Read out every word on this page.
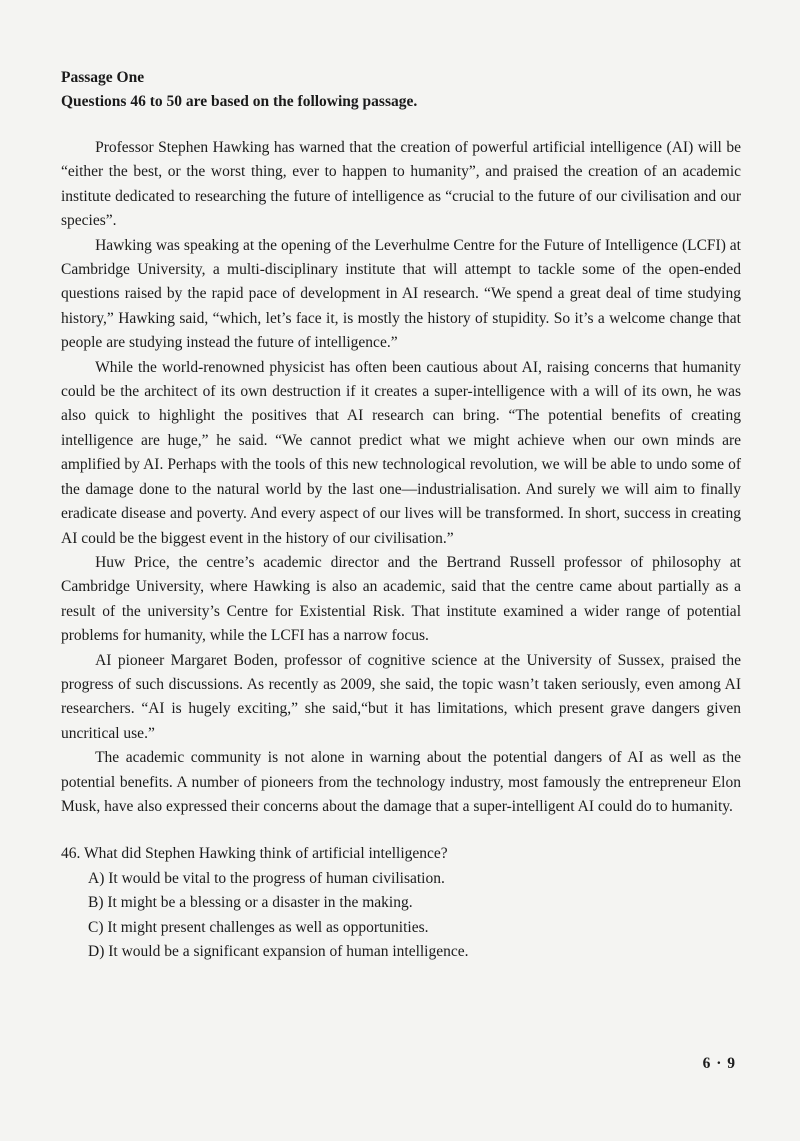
Passage One

Questions 46 to 50 are based on the following passage.

Professor Stephen Hawking has warned that the creation of powerful artificial intelligence (AI) will be “either the best, or the worst thing, ever to happen to humanity”, and praised the creation of an academic institute dedicated to researching the future of intelligence as “crucial to the future of our civilisation and our species”.

Hawking was speaking at the opening of the Leverhulme Centre for the Future of Intelligence (LCFI) at Cambridge University, a multi-disciplinary institute that will attempt to tackle some of the open-ended questions raised by the rapid pace of development in AI research. “We spend a great deal of time studying history,” Hawking said, “which, let’s face it, is mostly the history of stupidity. So it’s a welcome change that people are studying instead the future of intelligence.”

While the world-renowned physicist has often been cautious about AI, raising concerns that humanity could be the architect of its own destruction if it creates a super-intelligence with a will of its own, he was also quick to highlight the positives that AI research can bring. “The potential benefits of creating intelligence are huge,” he said. “We cannot predict what we might achieve when our own minds are amplified by AI. Perhaps with the tools of this new technological revolution, we will be able to undo some of the damage done to the natural world by the last one—industrialisation. And surely we will aim to finally eradicate disease and poverty. And every aspect of our lives will be transformed. In short, success in creating AI could be the biggest event in the history of our civilisation.”

Huw Price, the centre’s academic director and the Bertrand Russell professor of philosophy at Cambridge University, where Hawking is also an academic, said that the centre came about partially as a result of the university’s Centre for Existential Risk. That institute examined a wider range of potential problems for humanity, while the LCFI has a narrow focus.

AI pioneer Margaret Boden, professor of cognitive science at the University of Sussex, praised the progress of such discussions. As recently as 2009, she said, the topic wasn’t taken seriously, even among AI researchers. “AI is hugely exciting,” she said,“but it has limitations, which present grave dangers given uncritical use.”

The academic community is not alone in warning about the potential dangers of AI as well as the potential benefits. A number of pioneers from the technology industry, most famously the entrepreneur Elon Musk, have also expressed their concerns about the damage that a super-intelligent AI could do to humanity.

46. What did Stephen Hawking think of artificial intelligence?

A) It would be vital to the progress of human civilisation.
B) It might be a blessing or a disaster in the making.
C) It might present challenges as well as opportunities.
D) It would be a significant expansion of human intelligence.
6 · 9
